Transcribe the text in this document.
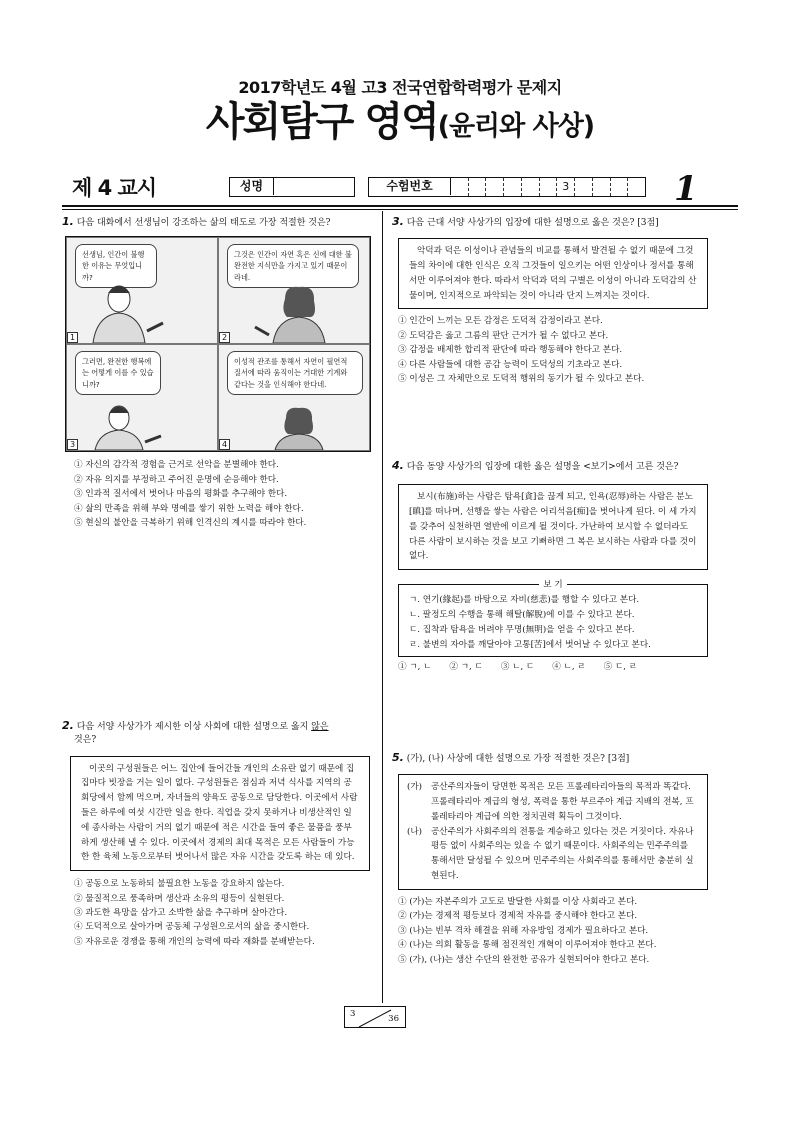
2017학년도 4월 고3 전국연합학력평가 문제지
사회탐구 영역(윤리와 사상)
제 4 교시	성명	수험번호	3	1
1. 다음 대화에서 선생님이 강조하는 삶의 태도로 가장 적절한 것은?
선생님, 인간이 불행한 이유는 무엇입니까?
1
그것은 인간이 자연 혹은 신에 대한 불완전한 지식만을 가지고 있기 때문이라네.
2
그러면, 완전한 행복에는 어떻게 이를 수 있습니까?
3
이성적 관조를 통해서 자연이 필연적 질서에 따라 움직이는 거대한 기계와 같다는 것을 인식해야 한다네.
4

① 자신의 감각적 경험을 근거로 선악을 분별해야 한다.

② 자유 의지를 부정하고 주어진 운명에 순응해야 한다.

③ 인과적 질서에서 벗어나 마음의 평화를 추구해야 한다.

④ 삶의 만족을 위해 부와 명예를 쌓기 위한 노력을 해야 한다.

⑤ 현실의 불안을 극복하기 위해 인격신의 계시를 따라야 한다.

2. 다음 서양 사상가가 제시한 이상 사회에 대한 설명으로 옳지 않은
것은?
이곳의 구성원들은 어느 집안에 들어간들 개인의 소유란 없기 때문에 집집마다 빗장을 거는 일이 없다. 구성원들은 점심과 저녁 식사를 지역의 공회당에서 함께 먹으며, 자녀들의 양육도 공동으로 담당한다. 이곳에서 사람들은 하루에 여섯 시간만 일을 한다. 직업을 갖지 못하거나 비생산적인 일에 종사하는 사람이 거의 없기 때문에 적은 시간을 들여 좋은 물품을 풍부하게 생산해 낼 수 있다. 이곳에서 경제의 최대 목적은 모든 사람들이 가능한 한 육체 노동으로부터 벗어나서 많은 자유 시간을 갖도록 하는 데 있다.

① 공동으로 노동하되 불필요한 노동을 강요하지 않는다.

② 물질적으로 풍족하며 생산과 소유의 평등이 실현된다.

③ 과도한 욕망을 삼가고 소박한 삶을 추구하며 살아간다.

④ 도덕적으로 살아가며 공동체 구성원으로서의 삶을 중시한다.

⑤ 자유로운 경쟁을 통해 개인의 능력에 따라 재화를 분배받는다.

3. 다음 근대 서양 사상가의 입장에 대한 설명으로 옳은 것은? [3점]
악덕과 덕은 이성이나 관념들의 비교를 통해서 발견될 수 없기 때문에 그것들의 차이에 대한 인식은 오직 그것들이 일으키는 어떤 인상이나 정서를 통해서만 이루어져야 한다. 따라서 악덕과 덕의 구별은 이성이 아니라 도덕감의 산물이며, 인지적으로 파악되는 것이 아니라 단지 느껴지는 것이다.

① 인간이 느끼는 모든 감정은 도덕적 감정이라고 본다.

② 도덕감은 옳고 그름의 판단 근거가 될 수 없다고 본다.

③ 감정을 배제한 합리적 판단에 따라 행동해야 한다고 본다.

④ 다른 사람들에 대한 공감 능력이 도덕성의 기초라고 본다.

⑤ 이성은 그 자체만으로 도덕적 행위의 동기가 될 수 있다고 본다.

4. 다음 동양 사상가의 입장에 대한 옳은 설명을 <보기>에서 고른 것은?
보시(布施)하는 사람은 탐욕[貪]을 끊게 되고, 인욕(忍辱)하는 사람은 분노[瞋]를 떠나며, 선행을 쌓는 사람은 어리석음[痴]을 벗어나게 된다. 이 세 가지를 갖추어 실천하면 열반에 이르게 될 것이다. 가난하여 보시할 수 없더라도 다른 사람이 보시하는 것을 보고 기뻐하면 그 복은 보시하는 사람과 다를 것이 없다.
보 기

ㄱ. 연기(緣起)를 바탕으로 자비(慈悲)를 행할 수 있다고 본다.

ㄴ. 팔정도의 수행을 통해 해탈(解脫)에 이를 수 있다고 본다.

ㄷ. 집착과 탐욕을 버려야 무명(無明)을 얻을 수 있다고 본다.

ㄹ. 불변의 자아를 깨달아야 고통[苦]에서 벗어날 수 있다고 본다.

① ㄱ, ㄴ ② ㄱ, ㄷ ③ ㄴ, ㄷ ④ ㄴ, ㄹ ⑤ ㄷ, ㄹ
5. (가), (나) 사상에 대한 설명으로 가장 적절한 것은? [3점]
(가)	공산주의자들이 당면한 목적은 모든 프롤레타리아들의 목적과 똑같다. 프롤레타리아 계급의 형성, 폭력을 통한 부르주아 계급 지배의 전복, 프롤레타리아 계급에 의한 정치권력 획득이 그것이다.
(나)	공산주의가 사회주의의 전통을 계승하고 있다는 것은 거짓이다. 자유나 평등 없이 사회주의는 있을 수 없기 때문이다. 사회주의는 민주주의를 통해서만 달성될 수 있으며 민주주의는 사회주의를 통해서만 충분히 실현된다.

① (가)는 자본주의가 고도로 발달한 사회를 이상 사회라고 본다.

② (가)는 경제적 평등보다 경제적 자유를 중시해야 한다고 본다.

③ (나)는 빈부 격차 해결을 위해 자유방임 경제가 필요하다고 본다.

④ (나)는 의회 활동을 통해 점진적인 개혁이 이루어져야 한다고 본다.

⑤ (가), (나)는 생산 수단의 완전한 공유가 실현되어야 한다고 본다.

3
36
